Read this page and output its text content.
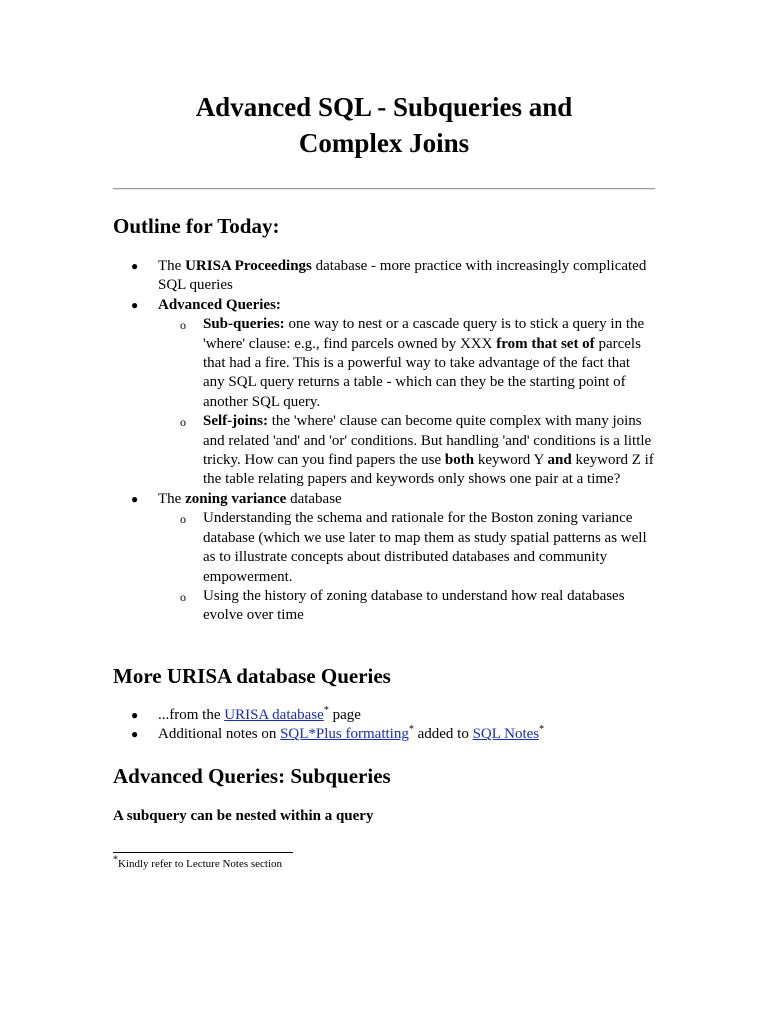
Advanced SQL - Subqueries and
Complex Joins
Outline for Today:
● The URISA Proceedings database - more practice with increasingly complicated SQL queries
● Advanced Queries:
o Sub-queries: one way to nest or a cascade query is to stick a query in the 'where' clause: e.g., find parcels owned by XXX from that set of parcels that had a fire. This is a powerful way to take advantage of the fact that any SQL query returns a table - which can they be the starting point of another SQL query.
o Self-joins: the 'where' clause can become quite complex with many joins and related 'and' and 'or' conditions. But handling 'and' conditions is a little tricky. How can you find papers the use both keyword Y and keyword Z if the table relating papers and keywords only shows one pair at a time?
● The zoning variance database
o Understanding the schema and rationale for the Boston zoning variance database (which we use later to map them as study spatial patterns as well as to illustrate concepts about distributed databases and community empowerment.
o Using the history of zoning database to understand how real databases evolve over time
More URISA database Queries
● ...from the URISA database* page
● Additional notes on SQL*Plus formatting* added to SQL Notes*
Advanced Queries: Subqueries

A subquery can be nested within a query

*Kindly refer to Lecture Notes section
